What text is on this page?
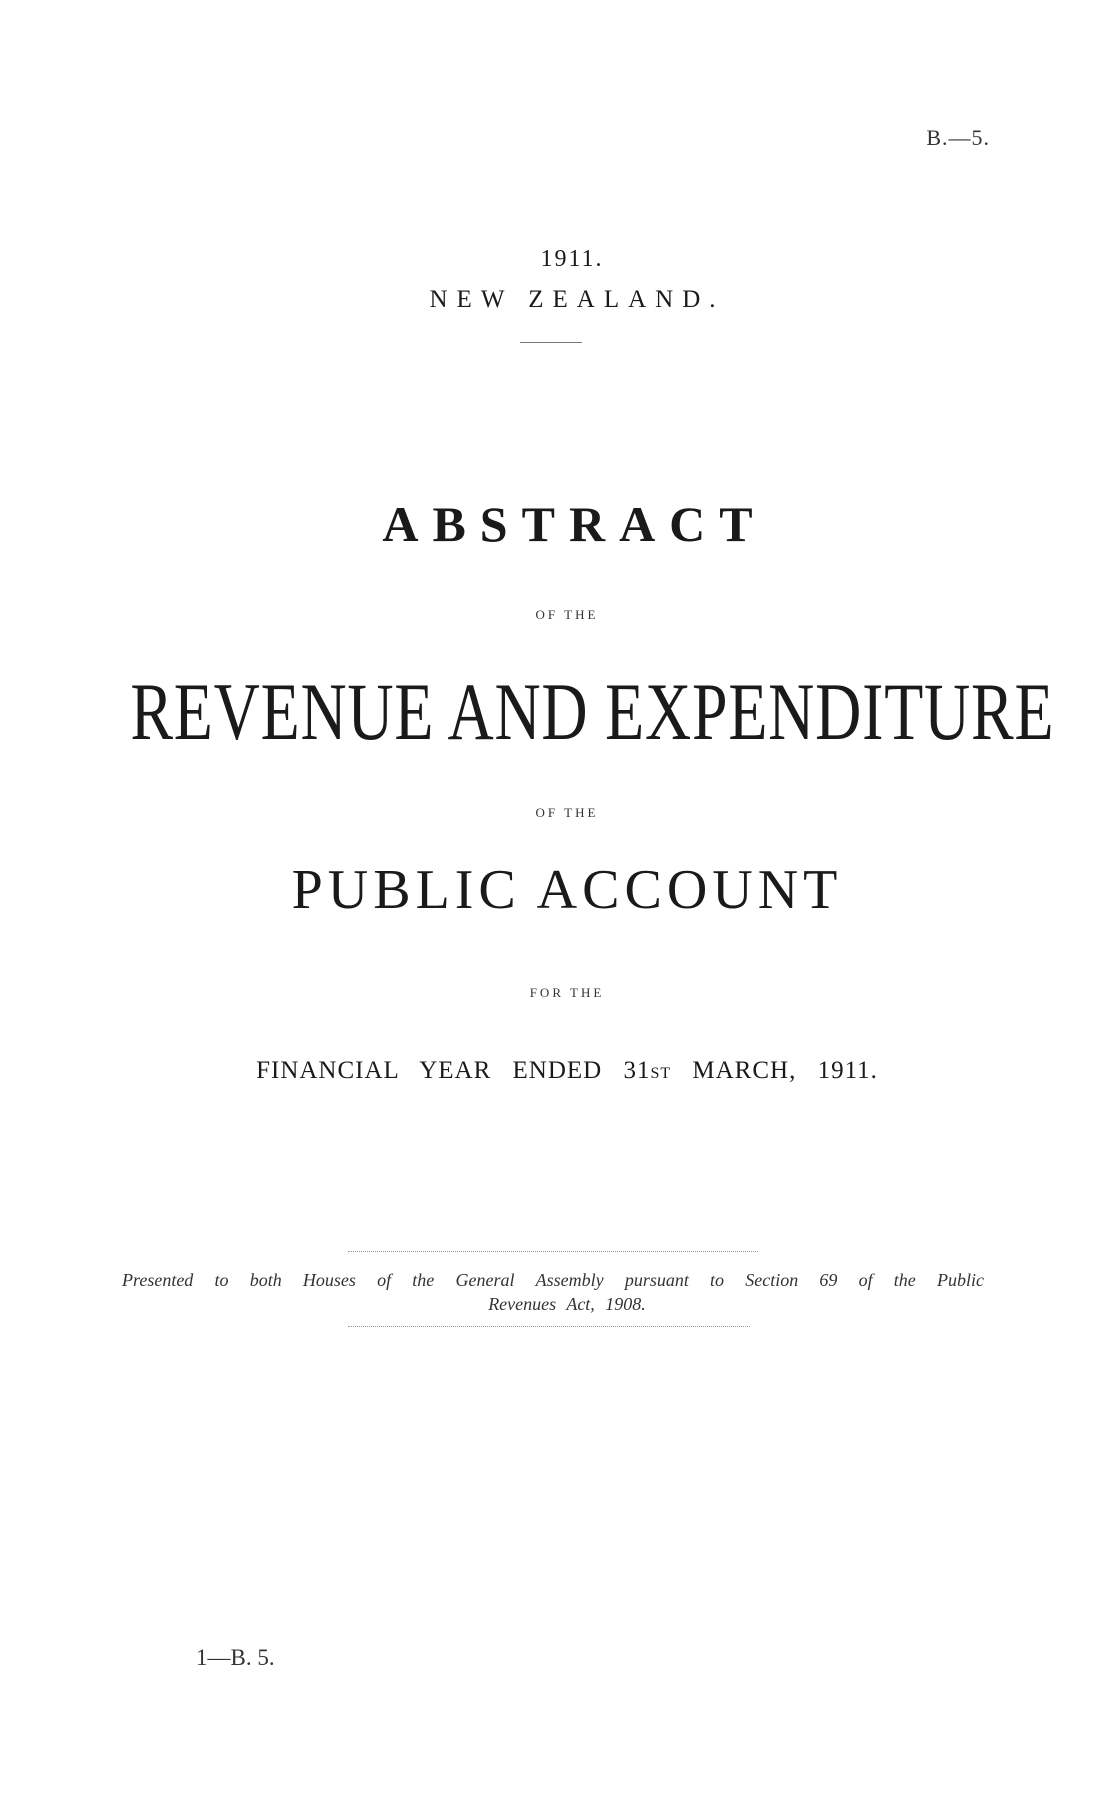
B.—5.
1911.
NEW ZEALAND.
ABSTRACT
OF THE
REVENUE AND EXPENDITURE
OF THE
PUBLIC ACCOUNT
FOR THE
FINANCIAL YEAR ENDED 31ST MARCH, 1911.
Presented to both Houses of the General Assembly pursuant to Section 69 of the Public
Revenues Act, 1908.
1—B. 5.
